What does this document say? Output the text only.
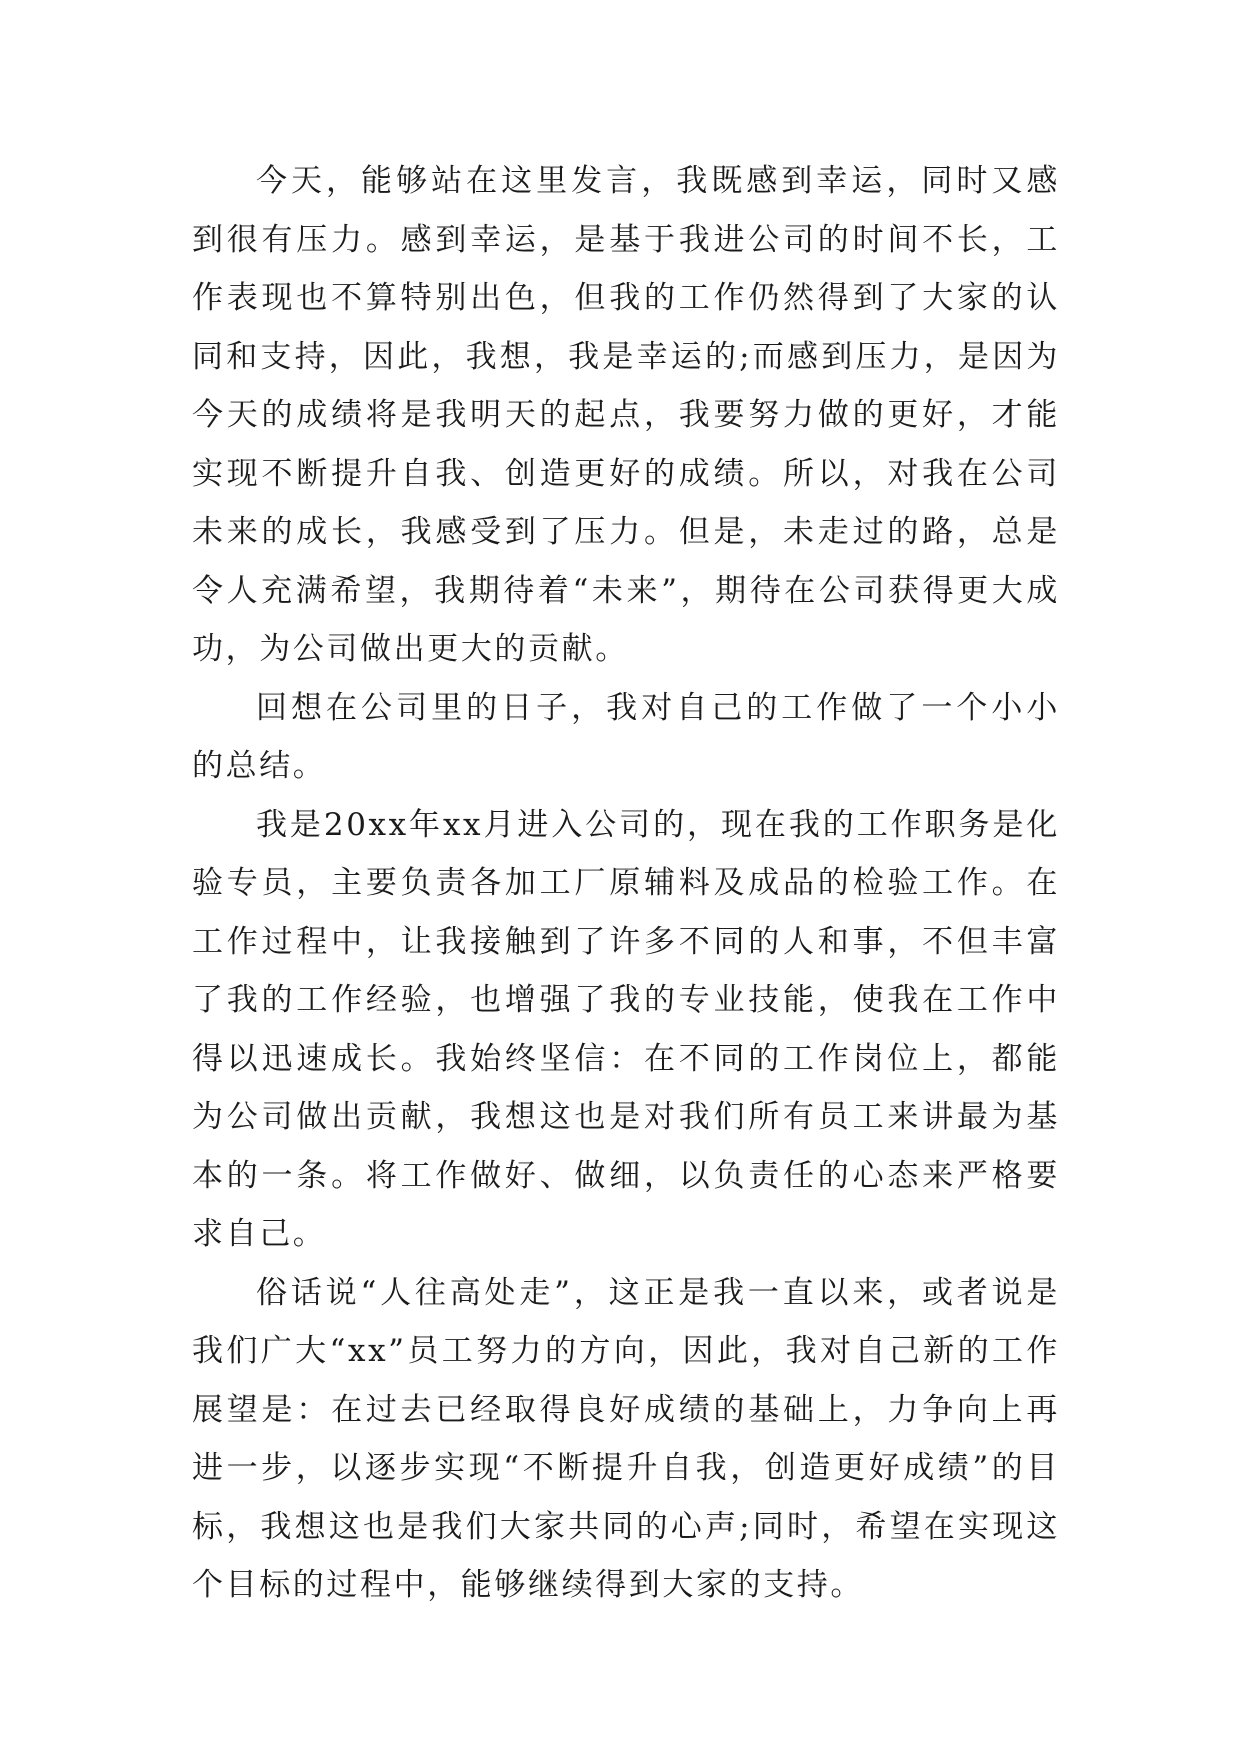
今天，能够站在这里发言，我既感到幸运，同时又感到很有压力。感到幸运，是基于我进公司的时间不长，工作表现也不算特别出色，但我的工作仍然得到了大家的认同和支持，因此，我想，我是幸运的;而感到压力，是因为今天的成绩将是我明天的起点，我要努力做的更好，才能实现不断提升自我、创造更好的成绩。所以，对我在公司未来的成长，我感受到了压力。但是，未走过的路，总是令人充满希望，我期待着“未来”，期待在公司获得更大成功，为公司做出更大的贡献。

回想在公司里的日子，我对自己的工作做了一个小小的总结。

我是20xx年xx月进入公司的，现在我的工作职务是化验专员，主要负责各加工厂原辅料及成品的检验工作。在工作过程中，让我接触到了许多不同的人和事，不但丰富了我的工作经验，也增强了我的专业技能，使我在工作中得以迅速成长。我始终坚信：在不同的工作岗位上，都能为公司做出贡献，我想这也是对我们所有员工来讲最为基本的一条。将工作做好、做细，以负责任的心态来严格要求自己。

俗话说“人往高处走”，这正是我一直以来，或者说是我们广大“xx”员工努力的方向，因此，我对自己新的工作展望是：在过去已经取得良好成绩的基础上，力争向上再进一步，以逐步实现“不断提升自我，创造更好成绩”的目标，我想这也是我们大家共同的心声;同时，希望在实现这个目标的过程中，能够继续得到大家的支持。
